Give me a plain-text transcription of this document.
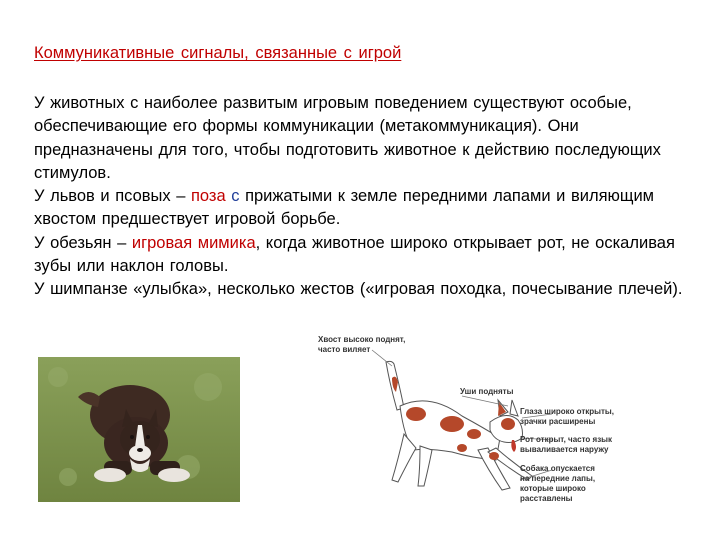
Коммуникативные сигналы, связанные с игрой

У животных с наиболее развитым игровым поведением существуют особые, обеспечивающие его формы коммуникации (метакоммуникация). Они предназначены для того, чтобы подготовить животное к действию последующих стимулов.

У львов и псовых – поза с прижатыми к земле передними лапами и виляющим хвостом предшествует игровой борьбе.

У обезьян – игровая мимика, когда животное широко открывает рот, не оскаливая зубы или наклон головы.

У шимпанзе «улыбка», несколько жестов («игровая походка, почесывание плечей).

Хвост высоко поднят,
часто виляет
Уши подняты
Глаза широко открыты,
зрачки расширены
Рот открыт, часто язык
вываливается наружу
Собака опускается
на передние лапы,
которые широко
расставлены
